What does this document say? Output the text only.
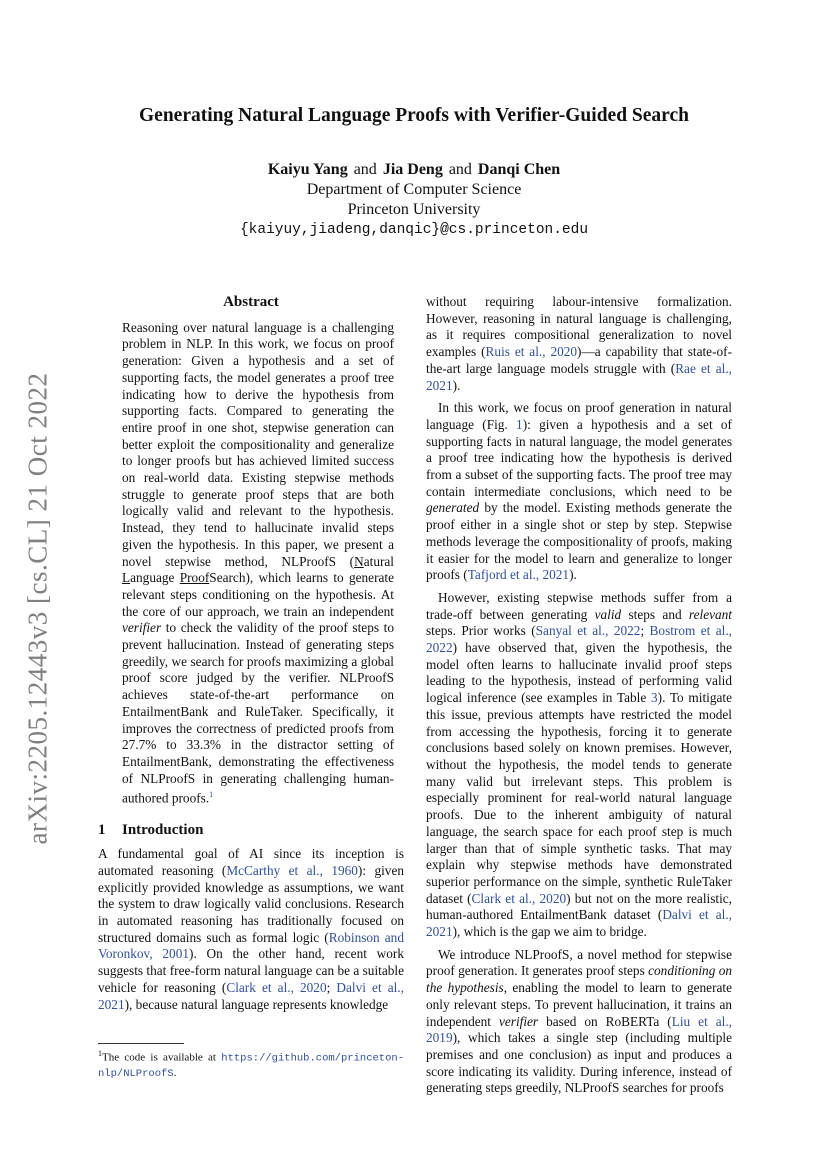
arXiv:2205.12443v3 [cs.CL] 21 Oct 2022
Generating Natural Language Proofs with Verifier-Guided Search
Kaiyu Yang and Jia Deng and Danqi Chen
Department of Computer Science
Princeton University
{kaiyuy,jiadeng,danqic}@cs.princeton.edu
Abstract

Reasoning over natural language is a challenging problem in NLP. In this work, we focus on proof generation: Given a hypothesis and a set of supporting facts, the model generates a proof tree indicating how to derive the hypothesis from supporting facts. Compared to generating the entire proof in one shot, stepwise generation can better exploit the compositionality and generalize to longer proofs but has achieved limited success on real-world data. Existing stepwise methods struggle to generate proof steps that are both logically valid and relevant to the hypothesis. Instead, they tend to hallucinate invalid steps given the hypothesis. In this paper, we present a novel stepwise method, NLProofS (Natural Language ProofSearch), which learns to generate relevant steps conditioning on the hypothesis. At the core of our approach, we train an independent verifier to check the validity of the proof steps to prevent hallucination. Instead of generating steps greedily, we search for proofs maximizing a global proof score judged by the verifier. NLProofS achieves state-of-the-art performance on EntailmentBank and RuleTaker. Specifically, it improves the correctness of predicted proofs from 27.7% to 33.3% in the distractor setting of EntailmentBank, demonstrating the effectiveness of NLProofS in generating challenging human-authored proofs.$^1$

1 Introduction

A fundamental goal of AI since its inception is automated reasoning (McCarthy et al., 1960): given explicitly provided knowledge as assumptions, we want the system to draw logically valid conclusions. Research in automated reasoning has traditionally focused on structured domains such as formal logic (Robinson and Voronkov, 2001). On the other hand, recent work suggests that free-form natural language can be a suitable vehicle for reasoning (Clark et al., 2020; Dalvi et al., 2021), because natural language represents knowledge

$^1$The code is available at https://github.com/princeton-nlp/NLProofS.

without requiring labour-intensive formalization. However, reasoning in natural language is challenging, as it requires compositional generalization to novel examples (Ruis et al., 2020)—a capability that state-of-the-art large language models struggle with (Rae et al., 2021).

In this work, we focus on proof generation in natural language (Fig. 1): given a hypothesis and a set of supporting facts in natural language, the model generates a proof tree indicating how the hypothesis is derived from a subset of the supporting facts. The proof tree may contain intermediate conclusions, which need to be generated by the model. Existing methods generate the proof either in a single shot or step by step. Stepwise methods leverage the compositionality of proofs, making it easier for the model to learn and generalize to longer proofs (Tafjord et al., 2021).

However, existing stepwise methods suffer from a trade-off between generating valid steps and relevant steps. Prior works (Sanyal et al., 2022; Bostrom et al., 2022) have observed that, given the hypothesis, the model often learns to hallucinate invalid proof steps leading to the hypothesis, instead of performing valid logical inference (see examples in Table 3). To mitigate this issue, previous attempts have restricted the model from accessing the hypothesis, forcing it to generate conclusions based solely on known premises. However, without the hypothesis, the model tends to generate many valid but irrelevant steps. This problem is especially prominent for real-world natural language proofs. Due to the inherent ambiguity of natural language, the search space for each proof step is much larger than that of simple synthetic tasks. That may explain why stepwise methods have demonstrated superior performance on the simple, synthetic RuleTaker dataset (Clark et al., 2020) but not on the more realistic, human-authored EntailmentBank dataset (Dalvi et al., 2021), which is the gap we aim to bridge.

We introduce NLProofS, a novel method for stepwise proof generation. It generates proof steps conditioning on the hypothesis, enabling the model to learn to generate only relevant steps. To prevent hallucination, it trains an independent verifier based on RoBERTa (Liu et al., 2019), which takes a single step (including multiple premises and one conclusion) as input and produces a score indicating its validity. During inference, instead of generating steps greedily, NLProofS searches for proofs
